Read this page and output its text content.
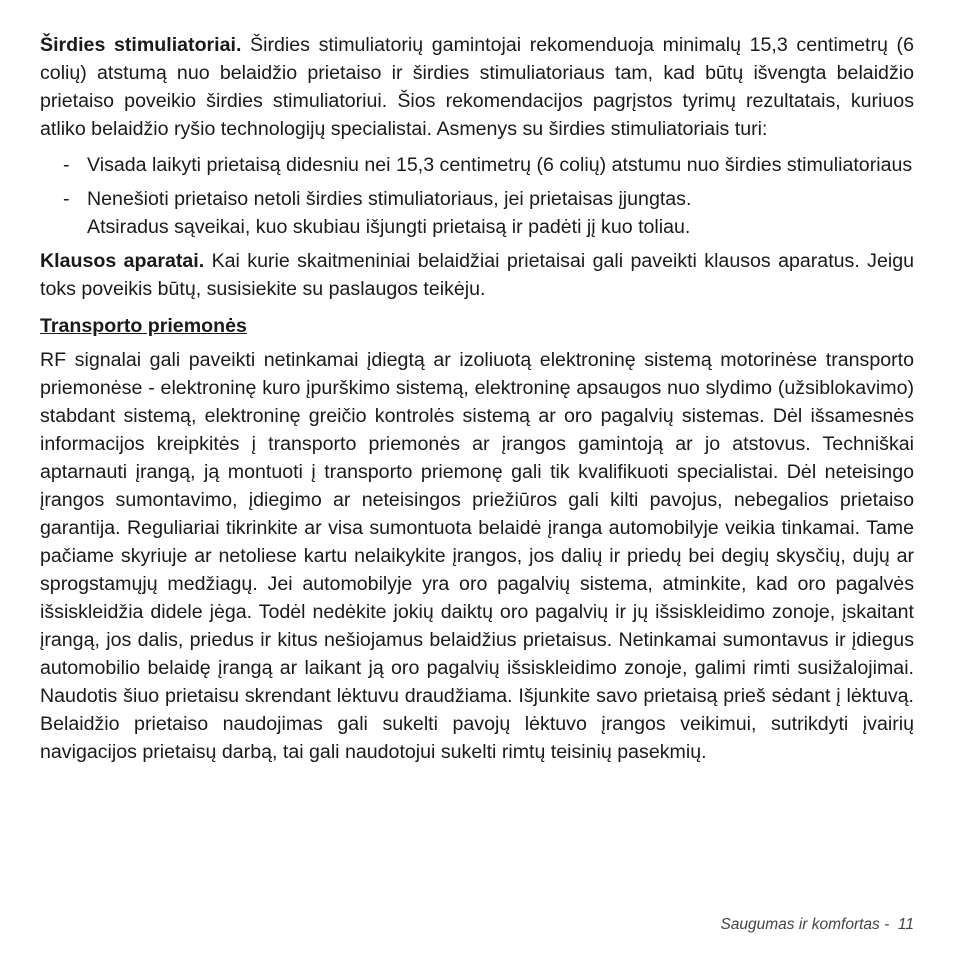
Širdies stimuliatoriai. Širdies stimuliatorių gamintojai rekomenduoja minimalų 15,3 centimetrų (6 colių) atstumą nuo belaidžio prietaiso ir širdies stimuliatoriaus tam, kad būtų išvengta belaidžio prietaiso poveikio širdies stimuliatoriui. Šios rekomendacijos pagrįstos tyrimų rezultatais, kuriuos atliko belaidžio ryšio technologijų specialistai. Asmenys su širdies stimuliatoriais turi:

- Visada laikyti prietaisą didesniu nei 15,3 centimetrų (6 colių) atstumu nuo širdies stimuliatoriaus
- Nenešioti prietaiso netoli širdies stimuliatoriaus, jei prietaisas įjungtas.
Atsiradus sąveikai, kuo skubiau išjungti prietaisą ir padėti jį kuo toliau.

Klausos aparatai. Kai kurie skaitmeniniai belaidžiai prietaisai gali paveikti klausos aparatus. Jeigu toks poveikis būtų, susisiekite su paslaugos teikėju.

Transporto priemonės

RF signalai gali paveikti netinkamai įdiegtą ar izoliuotą elektroninę sistemą motorinėse transporto priemonėse - elektroninę kuro įpurškimo sistemą, elektroninę apsaugos nuo slydimo (užsiblokavimo) stabdant sistemą, elektroninę greičio kontrolės sistemą ar oro pagalvių sistemas. Dėl išsamesnės informacijos kreipkitės į transporto priemonės ar įrangos gamintoją ar jo atstovus. Techniškai aptarnauti įrangą, ją montuoti į transporto priemonę gali tik kvalifikuoti specialistai. Dėl neteisingo įrangos sumontavimo, įdiegimo ar neteisingos priežiūros gali kilti pavojus, nebegalios prietaiso garantija. Reguliariai tikrinkite ar visa sumontuota belaidė įranga automobilyje veikia tinkamai. Tame pačiame skyriuje ar netoliese kartu nelaikykite įrangos, jos dalių ir priedų bei degių skysčių, dujų ar sprogstamųjų medžiagų. Jei automobilyje yra oro pagalvių sistema, atminkite, kad oro pagalvės išsiskleidžia didele jėga. Todėl nedėkite jokių daiktų oro pagalvių ir jų išsiskleidimo zonoje, įskaitant įrangą, jos dalis, priedus ir kitus nešiojamus belaidžius prietaisus. Netinkamai sumontavus ir įdiegus automobilio belaidę įrangą ar laikant ją oro pagalvių išsiskleidimo zonoje, galimi rimti susižalojimai. Naudotis šiuo prietaisu skrendant lėktuvu draudžiama. Išjunkite savo prietaisą prieš sėdant į lėktuvą. Belaidžio prietaiso naudojimas gali sukelti pavojų lėktuvo įrangos veikimui, sutrikdyti įvairių navigacijos prietaisų darbą, tai gali naudotojui sukelti rimtų teisinių pasekmių.

Saugumas ir komfortas -  11
